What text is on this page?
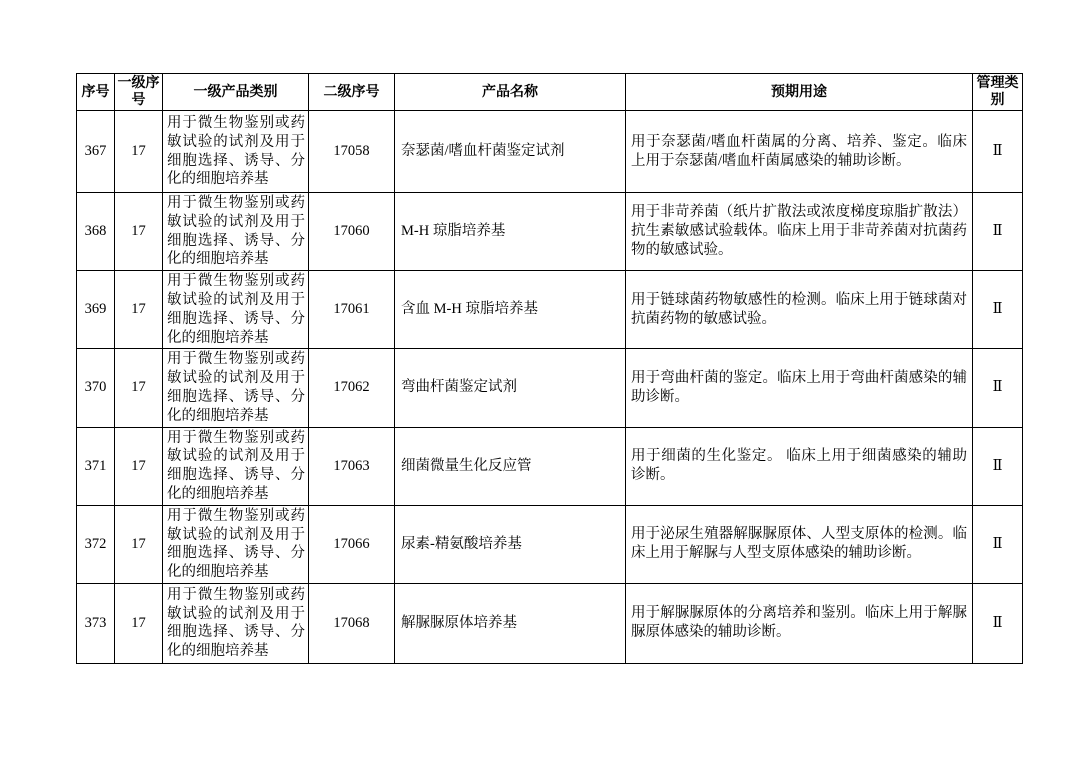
序号	一级序号	一级产品类别	二级序号	产品名称	预期用途	管理类别
367	17	用于微生物鉴别或药敏试验的试剂及用于细胞选择、诱导、分化的细胞培养基	17058	奈瑟菌/嗜血杆菌鉴定试剂	用于奈瑟菌/嗜血杆菌属的分离、培养、鉴定。临床上用于奈瑟菌/嗜血杆菌属感染的辅助诊断。	Ⅱ
368	17	用于微生物鉴别或药敏试验的试剂及用于细胞选择、诱导、分化的细胞培养基	17060	M-H 琼脂培养基	用于非苛养菌（纸片扩散法或浓度梯度琼脂扩散法）抗生素敏感试验载体。临床上用于非苛养菌对抗菌药物的敏感试验。	Ⅱ
369	17	用于微生物鉴别或药敏试验的试剂及用于细胞选择、诱导、分化的细胞培养基	17061	含血 M-H 琼脂培养基	用于链球菌药物敏感性的检测。临床上用于链球菌对抗菌药物的敏感试验。	Ⅱ
370	17	用于微生物鉴别或药敏试验的试剂及用于细胞选择、诱导、分化的细胞培养基	17062	弯曲杆菌鉴定试剂	用于弯曲杆菌的鉴定。临床上用于弯曲杆菌感染的辅助诊断。	Ⅱ
371	17	用于微生物鉴别或药敏试验的试剂及用于细胞选择、诱导、分化的细胞培养基	17063	细菌微量生化反应管	用于细菌的生化鉴定。 临床上用于细菌感染的辅助诊断。	Ⅱ
372	17	用于微生物鉴别或药敏试验的试剂及用于细胞选择、诱导、分化的细胞培养基	17066	尿素-精氨酸培养基	用于泌尿生殖器解脲脲原体、人型支原体的检测。临床上用于解脲与人型支原体感染的辅助诊断。	Ⅱ
373	17	用于微生物鉴别或药敏试验的试剂及用于细胞选择、诱导、分化的细胞培养基	17068	解脲脲原体培养基	用于解脲脲原体的分离培养和鉴别。临床上用于解脲脲原体感染的辅助诊断。	Ⅱ
